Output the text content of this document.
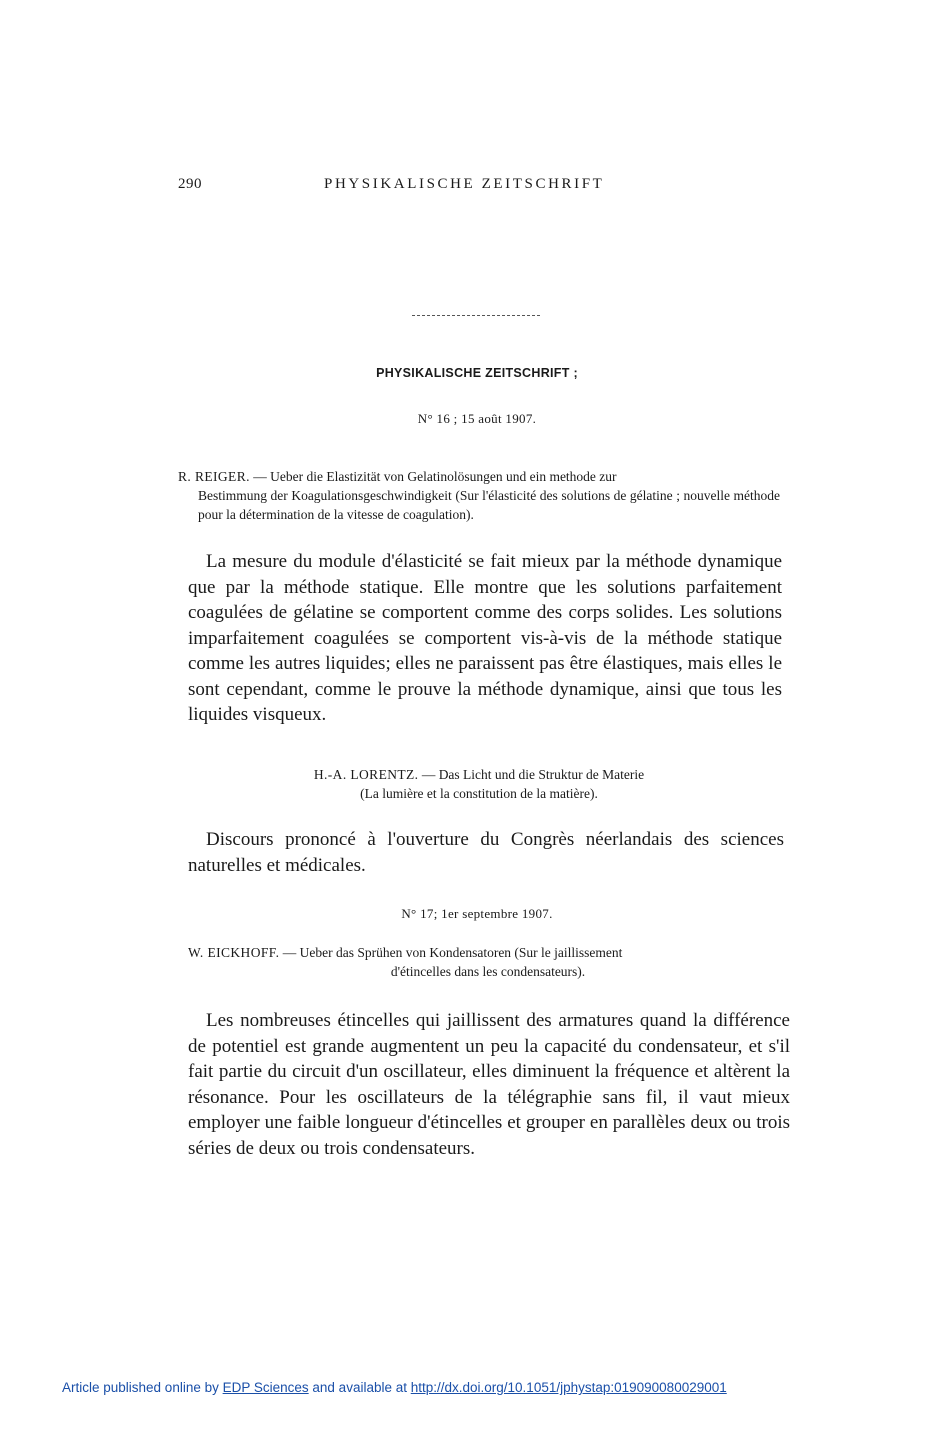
290	PHYSIKALISCHE ZEITSCHRIFT
PHYSIKALISCHE ZEITSCHRIFT ;
N° 16 ; 15 août 1907.
R. REIGER. — Ueber die Elastizität von Gelatinolösungen und ein methode zur
Bestimmung der Koagulationsgeschwindigkeit (Sur l'élasticité des solutions de gélatine ; nouvelle méthode pour la détermination de la vitesse de coagulation).
La mesure du module d'élasticité se fait mieux par la méthode dynamique que par la méthode statique. Elle montre que les solutions parfaitement coagulées de gélatine se comportent comme des corps solides. Les solutions imparfaitement coagulées se comportent vis-à-vis de la méthode statique comme les autres liquides; elles ne paraissent pas être élastiques, mais elles le sont cependant, comme le prouve la méthode dynamique, ainsi que tous les liquides visqueux.
H.-A. LORENTZ. — Das Licht und die Struktur de Materie
(La lumière et la constitution de la matière).
Discours prononcé à l'ouverture du Congrès néerlandais des sciences naturelles et médicales.
N° 17; 1er septembre 1907.
W. EICKHOFF. — Ueber das Sprühen von Kondensatoren (Sur le jaillissement
d'étincelles dans les condensateurs).
Les nombreuses étincelles qui jaillissent des armatures quand la différence de potentiel est grande augmentent un peu la capacité du condensateur, et s'il fait partie du circuit d'un oscillateur, elles diminuent la fréquence et altèrent la résonance. Pour les oscillateurs de la télégraphie sans fil, il vaut mieux employer une faible longueur d'étincelles et grouper en parallèles deux ou trois séries de deux ou trois condensateurs.
Article published online by EDP Sciences and available at http://dx.doi.org/10.1051/jphystap:019090080029001
